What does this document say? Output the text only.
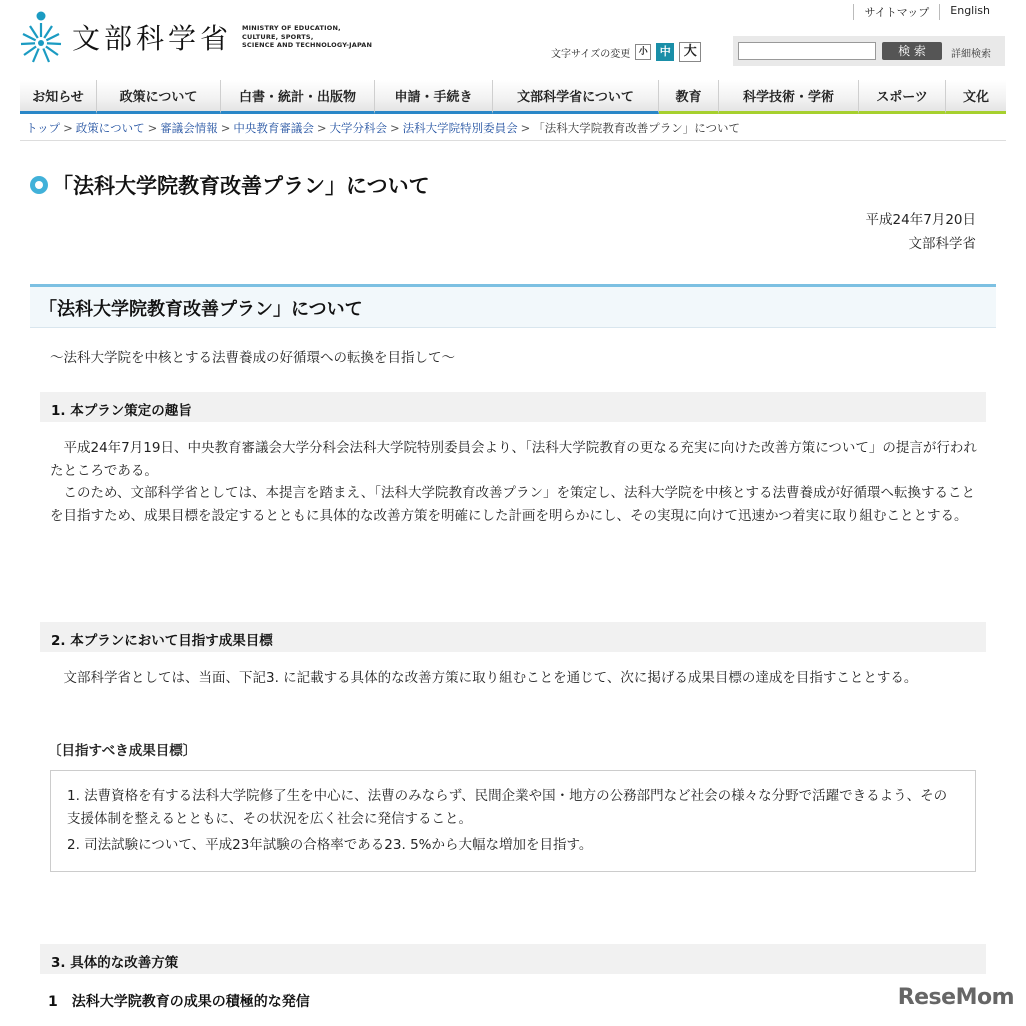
文部科学省 MINISTRY OF EDUCATION,
CULTURE, SPORTS,
SCIENCE AND TECHNOLOGY-JAPAN
サイトマップ	English
文字サイズの変更 小	中 大	検 索	詳細検索
お知らせ	政策について	白書・統計・出版物	申請・手続き	文部科学省について	教育	科学技術・学術	スポーツ	文化
トップ > 政策について > 審議会情報 > 中央教育審議会 > 大学分科会 > 法科大学院特別委員会 > 「法科大学院教育改善プラン」について
「法科大学院教育改善プラン」について
平成24年7月20日
文部科学省
「法科大学院教育改善プラン」について
～法科大学院を中核とする法曹養成の好循環への転換を目指して～
1. 本プラン策定の趣旨

平成24年7月19日、中央教育審議会大学分科会法科大学院特別委員会より、「法科大学院教育の更なる充実に向けた改善方策について」の提言が行われたところである。

このため、文部科学省としては、本提言を踏まえ、「法科大学院教育改善プラン」を策定し、法科大学院を中核とする法曹養成が好循環へ転換することを目指すため、成果目標を設定するとともに具体的な改善方策を明確にした計画を明らかにし、その実現に向けて迅速かつ着実に取り組むこととする。

2. 本プランにおいて目指す成果目標

文部科学省としては、当面、下記3. に記載する具体的な改善方策に取り組むことを通じて、次に掲げる成果目標の達成を目指すこととする。

〔目指すべき成果目標〕
1. 法曹資格を有する法科大学院修了生を中心に、法曹のみならず、民間企業や国・地方の公務部門など社会の様々な分野で活躍できるよう、その支援体制を整えるとともに、その状況を広く社会に発信すること。
2. 司法試験について、平成23年試験の合格率である23. 5%から大幅な増加を目指す。
3. 具体的な改善方策
1　法科大学院教育の成果の積極的な発信	ReseMom
